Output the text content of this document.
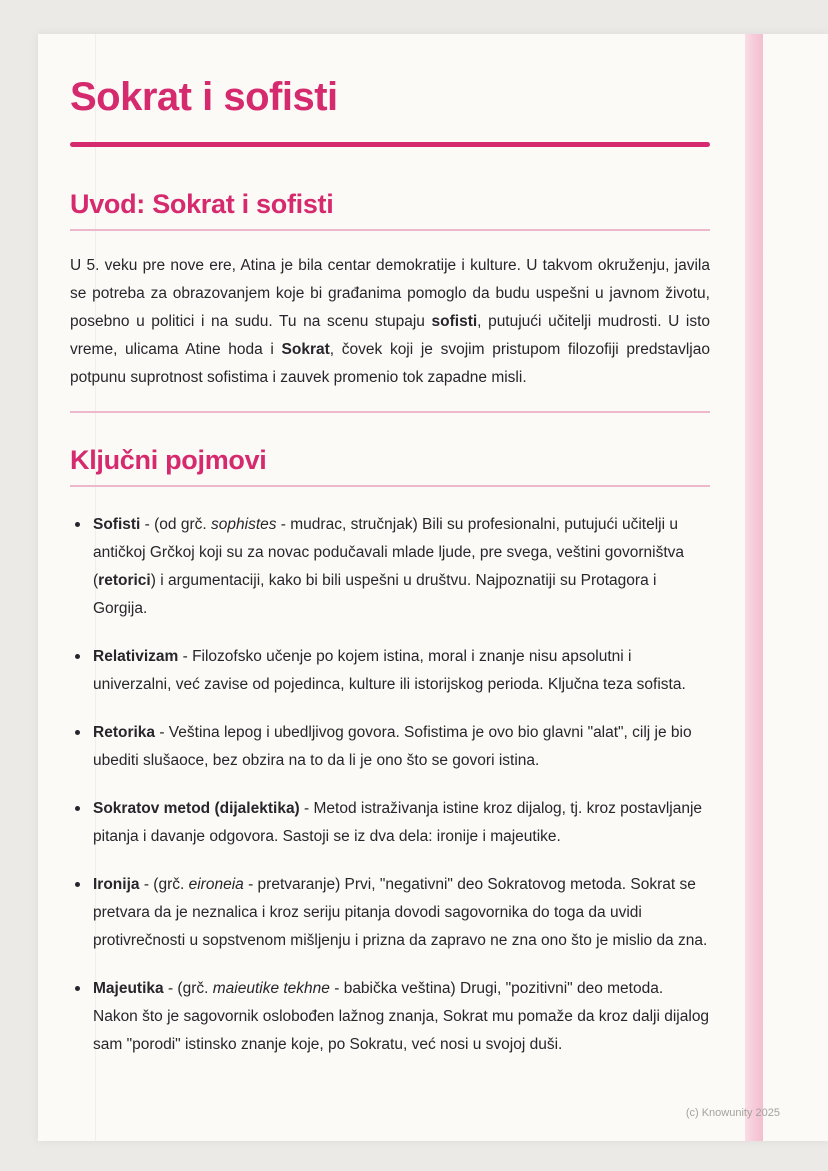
Sokrat i sofisti
Uvod: Sokrat i sofisti

U 5. veku pre nove ere, Atina je bila centar demokratije i kulture. U takvom okruženju, javila se potreba za obrazovanjem koje bi građanima pomoglo da budu uspešni u javnom životu, posebno u politici i na sudu. Tu na scenu stupaju sofisti, putujući učitelji mudrosti. U isto vreme, ulicama Atine hoda i Sokrat, čovek koji je svojim pristupom filozofiji predstavljao potpunu suprotnost sofistima i zauvek promenio tok zapadne misli.

Ključni pojmovi
Sofisti - (od grč. sophistes - mudrac, stručnjak) Bili su profesionalni, putujući učitelji u antičkoj Grčkoj koji su za novac podučavali mlade ljude, pre svega, veštini govorništva (retorici) i argumentaciji, kako bi bili uspešni u društvu. Najpoznatiji su Protagora i Gorgija.
Relativizam - Filozofsko učenje po kojem istina, moral i znanje nisu apsolutni i univerzalni, već zavise od pojedinca, kulture ili istorijskog perioda. Ključna teza sofista.
Retorika - Veština lepog i ubedljivog govora. Sofistima je ovo bio glavni "alat", cilj je bio ubediti slušaoce, bez obzira na to da li je ono što se govori istina.
Sokratov metod (dijalektika) - Metod istraživanja istine kroz dijalog, tj. kroz postavljanje pitanja i davanje odgovora. Sastoji se iz dva dela: ironije i majeutike.
Ironija - (grč. eironeia - pretvaranje) Prvi, "negativni" deo Sokratovog metoda. Sokrat se pretvara da je neznalica i kroz seriju pitanja dovodi sagovornika do toga da uvidi protivrečnosti u sopstvenom mišljenju i prizna da zapravo ne zna ono što je mislio da zna.
Majeutika - (grč. maieutike tekhne - babička veština) Drugi, "pozitivni" deo metoda. Nakon što je sagovornik oslobođen lažnog znanja, Sokrat mu pomaže da kroz dalji dijalog sam "porodi" istinsko znanje koje, po Sokratu, već nosi u svojoj duši.
(c) Knowunity 2025
